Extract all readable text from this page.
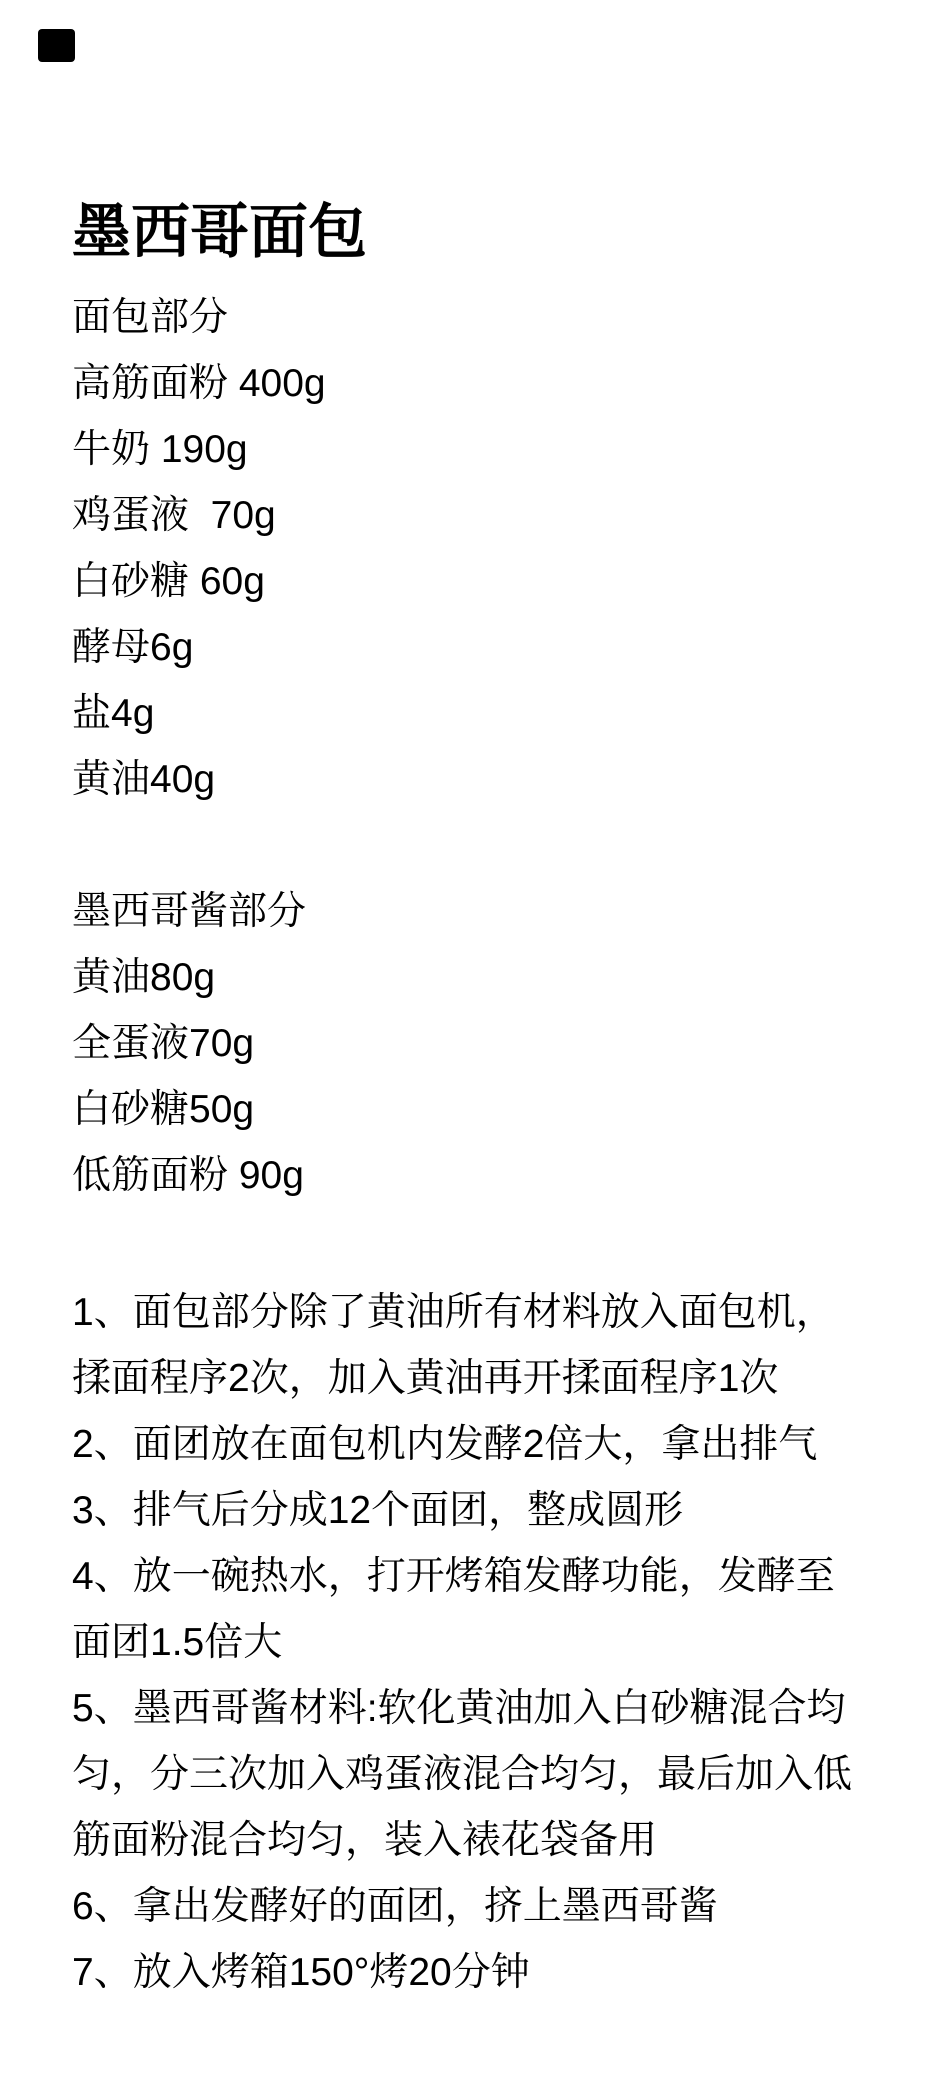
墨西哥面包
面包部分
高筋面粉 400g
牛奶 190g
鸡蛋液  70g
白砂糖 60g
酵母6g
盐4g
黄油40g
墨西哥酱部分
黄油80g
全蛋液70g
白砂糖50g
低筋面粉 90g
1、面包部分除了黄油所有材料放入面包机，
揉面程序2次，加入黄油再开揉面程序1次
2、面团放在面包机内发酵2倍大，拿出排气
3、排气后分成12个面团，整成圆形
4、放一碗热水，打开烤箱发酵功能，发酵至
面团1.5倍大
5、墨西哥酱材料:软化黄油加入白砂糖混合均
匀，分三次加入鸡蛋液混合均匀，最后加入低
筋面粉混合均匀，装入裱花袋备用
6、拿出发酵好的面团，挤上墨西哥酱
7、放入烤箱150°烤20分钟
